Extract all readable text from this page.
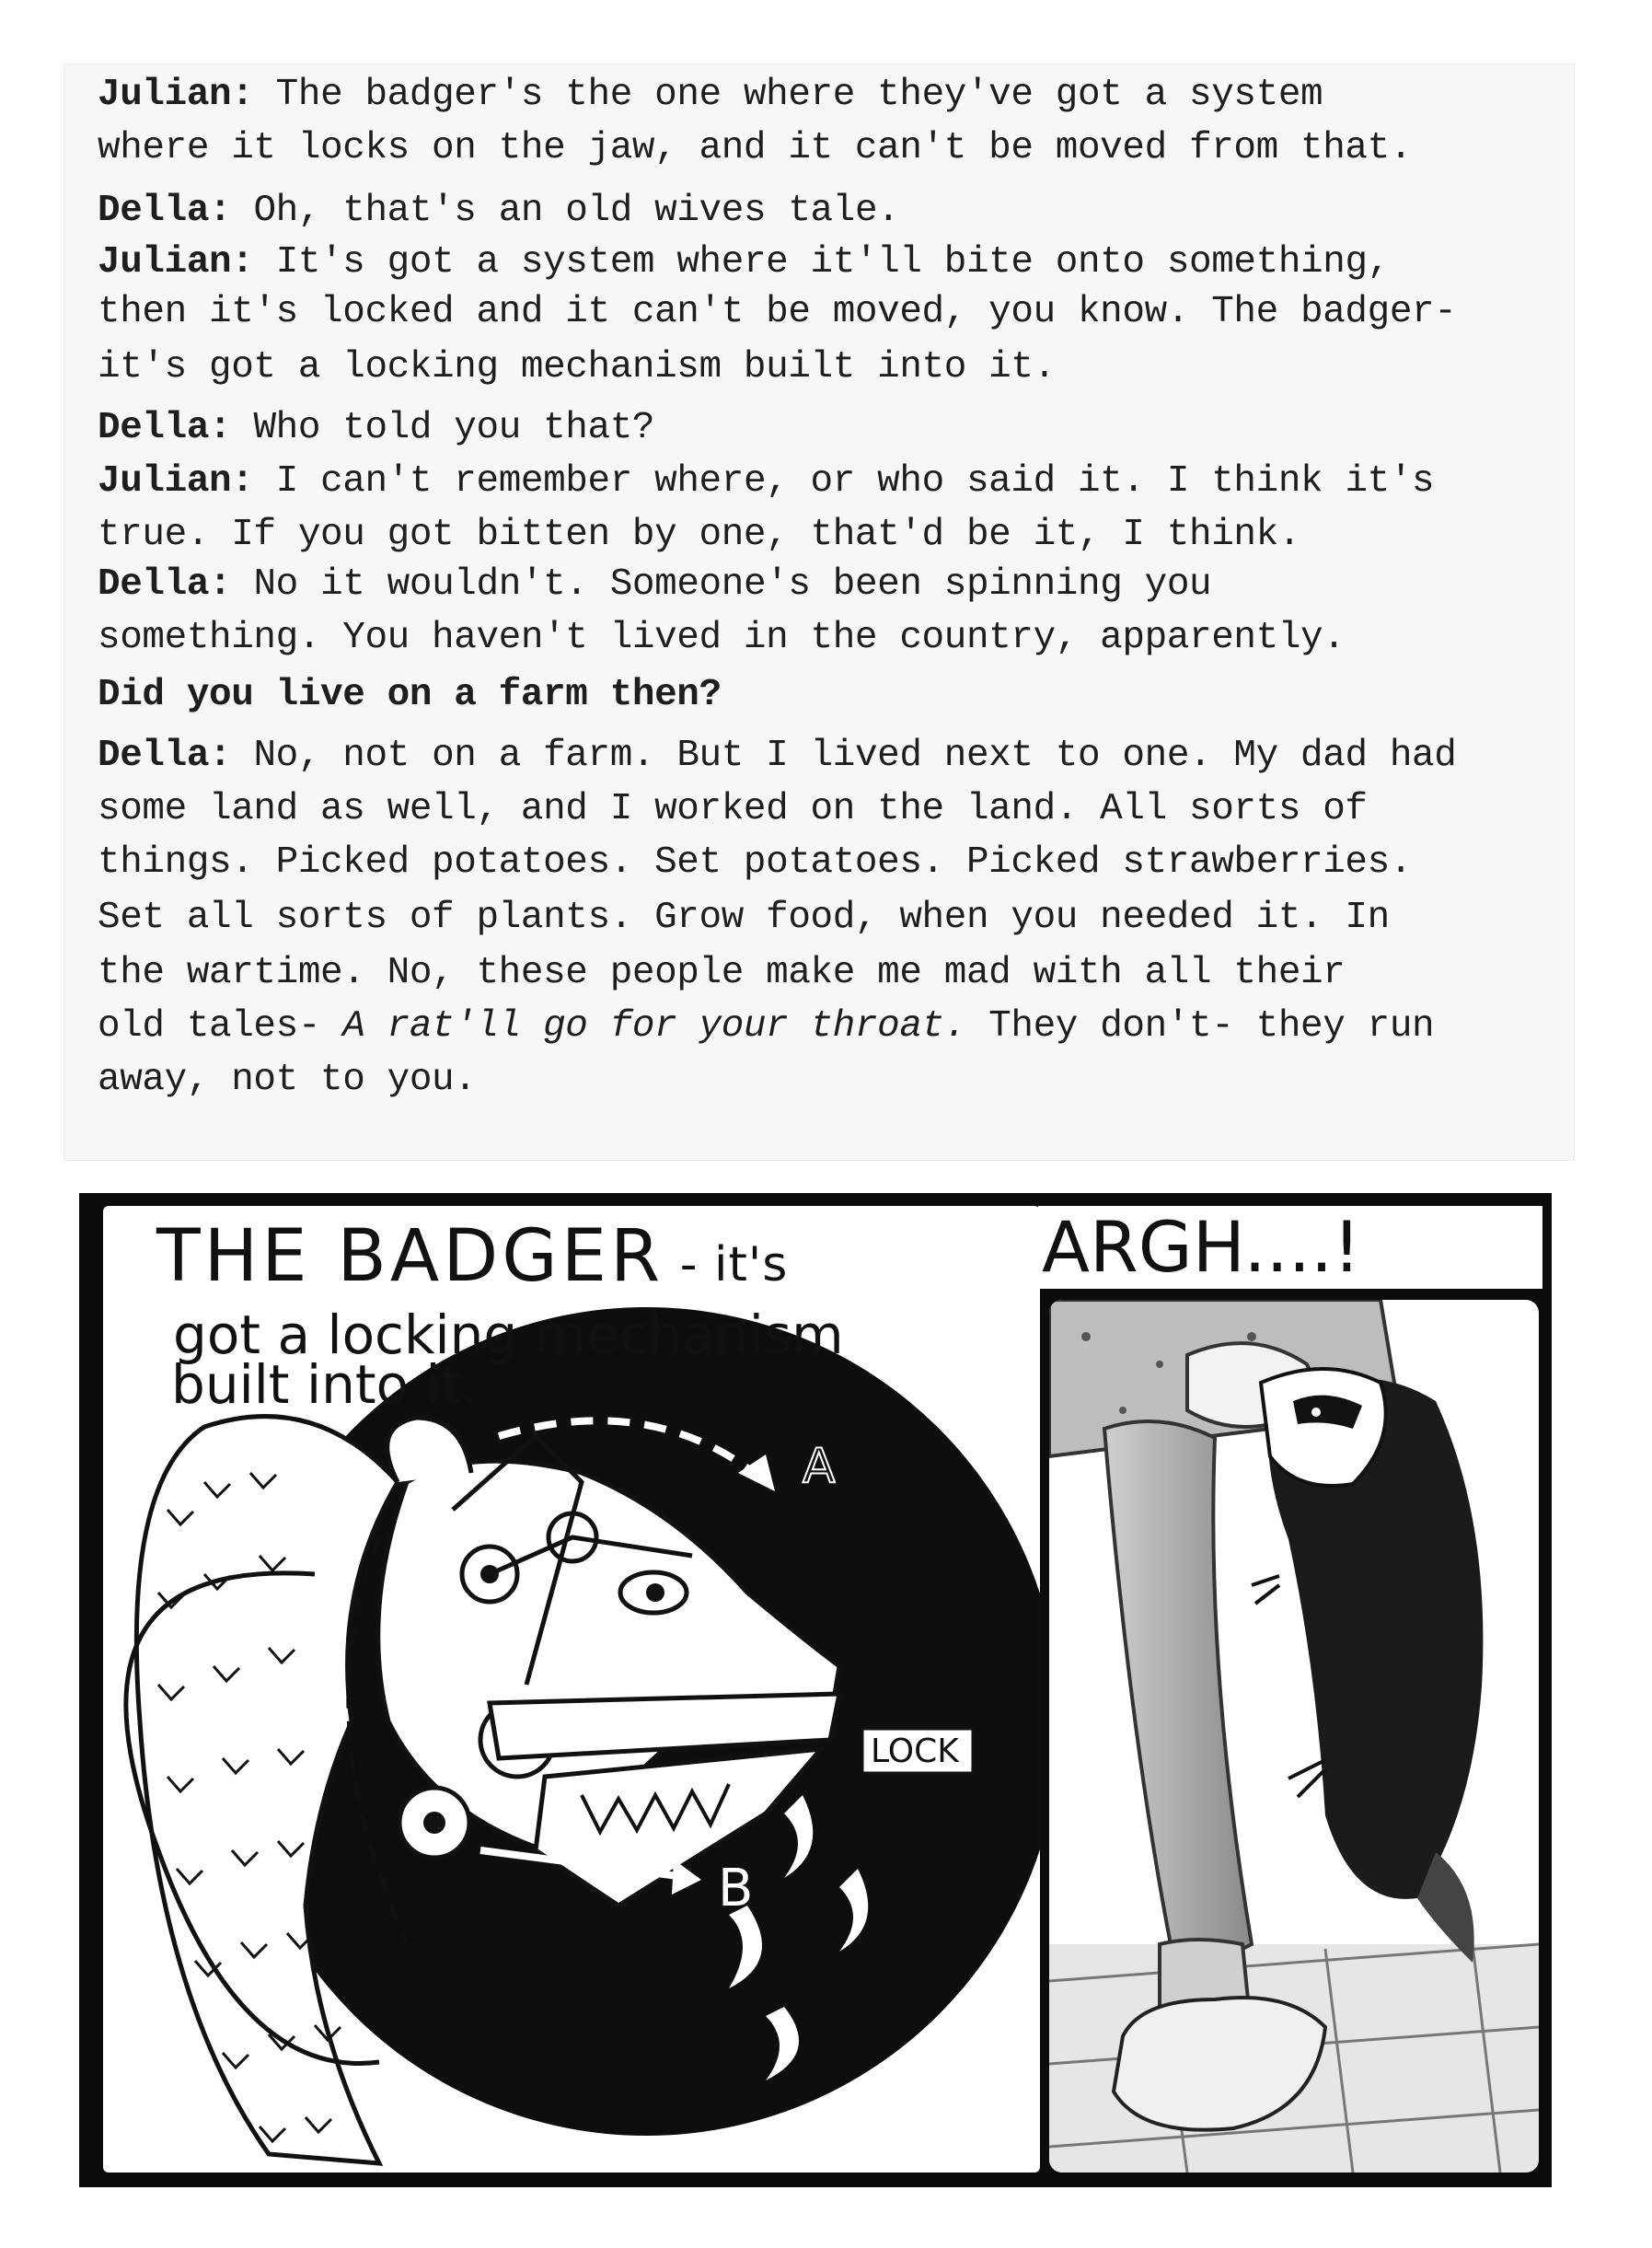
Julian: The badger's the one where they've got a system
where it locks on the jaw, and it can't be moved from that.
Della: Oh, that's an old wives tale.
Julian: It's got a system where it'll bite onto something,
then it's locked and it can't be moved, you know. The badger-
it's got a locking mechanism built into it.
Della: Who told you that?
Julian: I can't remember where, or who said it. I think it's
true. If you got bitten by one, that'd be it, I think.
Della: No it wouldn't. Someone's been spinning you
something. You haven't lived in the country, apparently.
Did you live on a farm then?
Della: No, not on a farm. But I lived next to one. My dad had
some land as well, and I worked on the land. All sorts of
things. Picked potatoes. Set potatoes. Picked strawberries.
Set all sorts of plants. Grow food, when you needed it. In
the wartime. No, these people make me mad with all their
old tales- A rat'll go for your throat. They don't- they run
away, not to you.
A
B
LOCK
THE BADGER - it's
got a locking mechanism
built into it.
ARGH....!
